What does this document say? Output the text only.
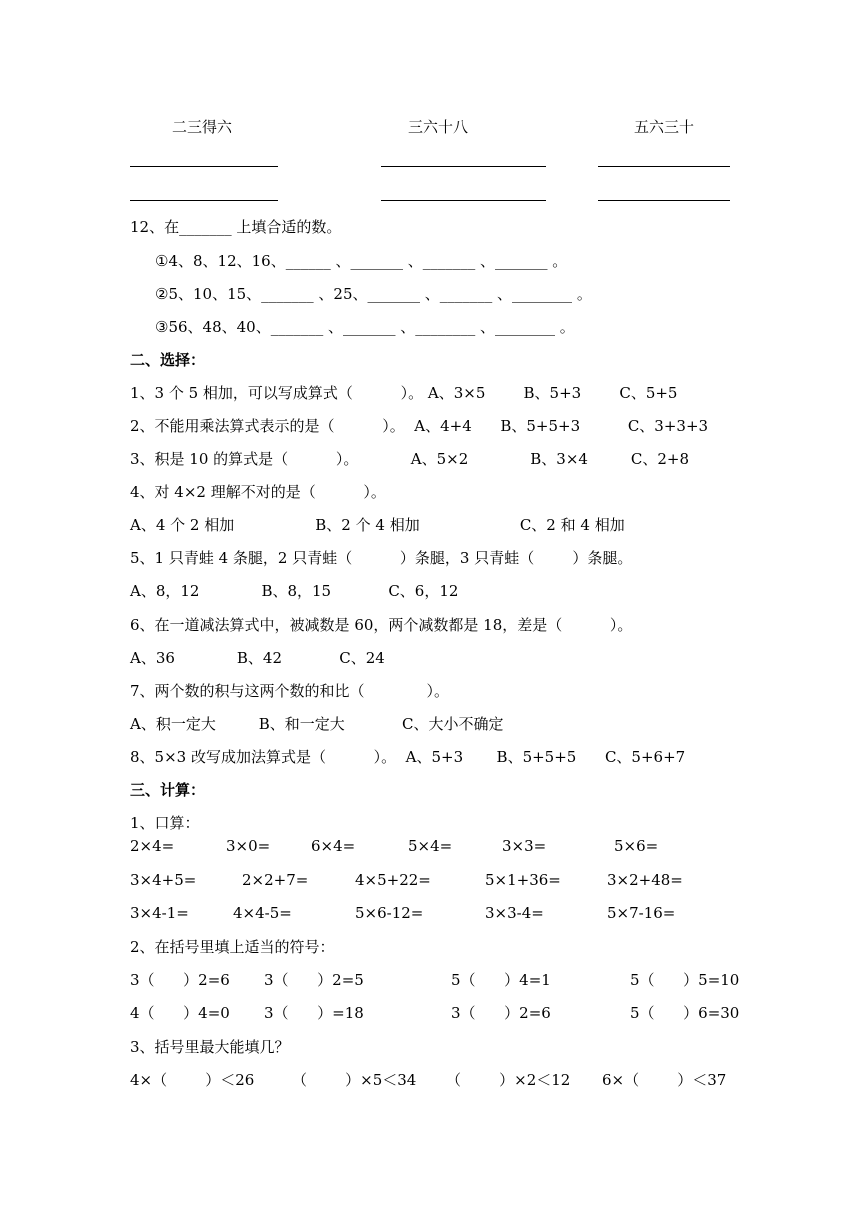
二三得六	三六十八	五六三十
12、在_______ 上填合适的数。
①4、8、12、16、______ 、_______ 、_______ 、_______ 。
②5、10、15、_______ 、25、_______ 、_______ 、________ 。
③56、48、40、_______ 、_______ 、________ 、________ 。
二、选择：
1、3 个 5 相加，可以写成算式（          ）。 A、3×5        B、5+3        C、5+5
2、不能用乘法算式表示的是（          ）。  A、4+4      B、5+5+3          C、3+3+3
3、积是 10 的算式是（          ）。           A、5×2             B、3×4         C、2+8
4、对 4×2 理解不对的是（          ）。
A、4 个 2 相加                 B、2 个 4 相加                     C、2 和 4 相加
5、1 只青蛙 4 条腿，2 只青蛙（          ）条腿，3 只青蛙（        ）条腿。
A、8，12             B、8，15            C、6，12
6、在一道减法算式中，被减数是 60，两个减数都是 18，差是（          ）。
A、36             B、42            C、24
7、两个数的积与这两个数的和比（             ）。
A、积一定大         B、和一定大            C、大小不确定
8、5×3 改写成加法算式是（          ）。  A、5+3       B、5+5+5      C、5+6+7
三、计算：
1、口算：
2×4=	3×0=	6×4=	5×4=	3×3=	5×6=
3×4+5=	2×2+7=	4×5+22=	5×1+36=	3×2+48=
3×4-1=	4×4-5=	5×6-12=	3×3-4=	5×7-16=
2、在括号里填上适当的符号：
3（      ）2=6 3（      ）2=5	5（      ）4=1	5（      ）5=10
4（      ）4=0 3（      ）=18	3（      ）2=6	5（      ）6=30
3、括号里最大能填几？
4×（        ）＜26	（        ）×5＜34 （        ）×2＜12 6×（        ）＜37
